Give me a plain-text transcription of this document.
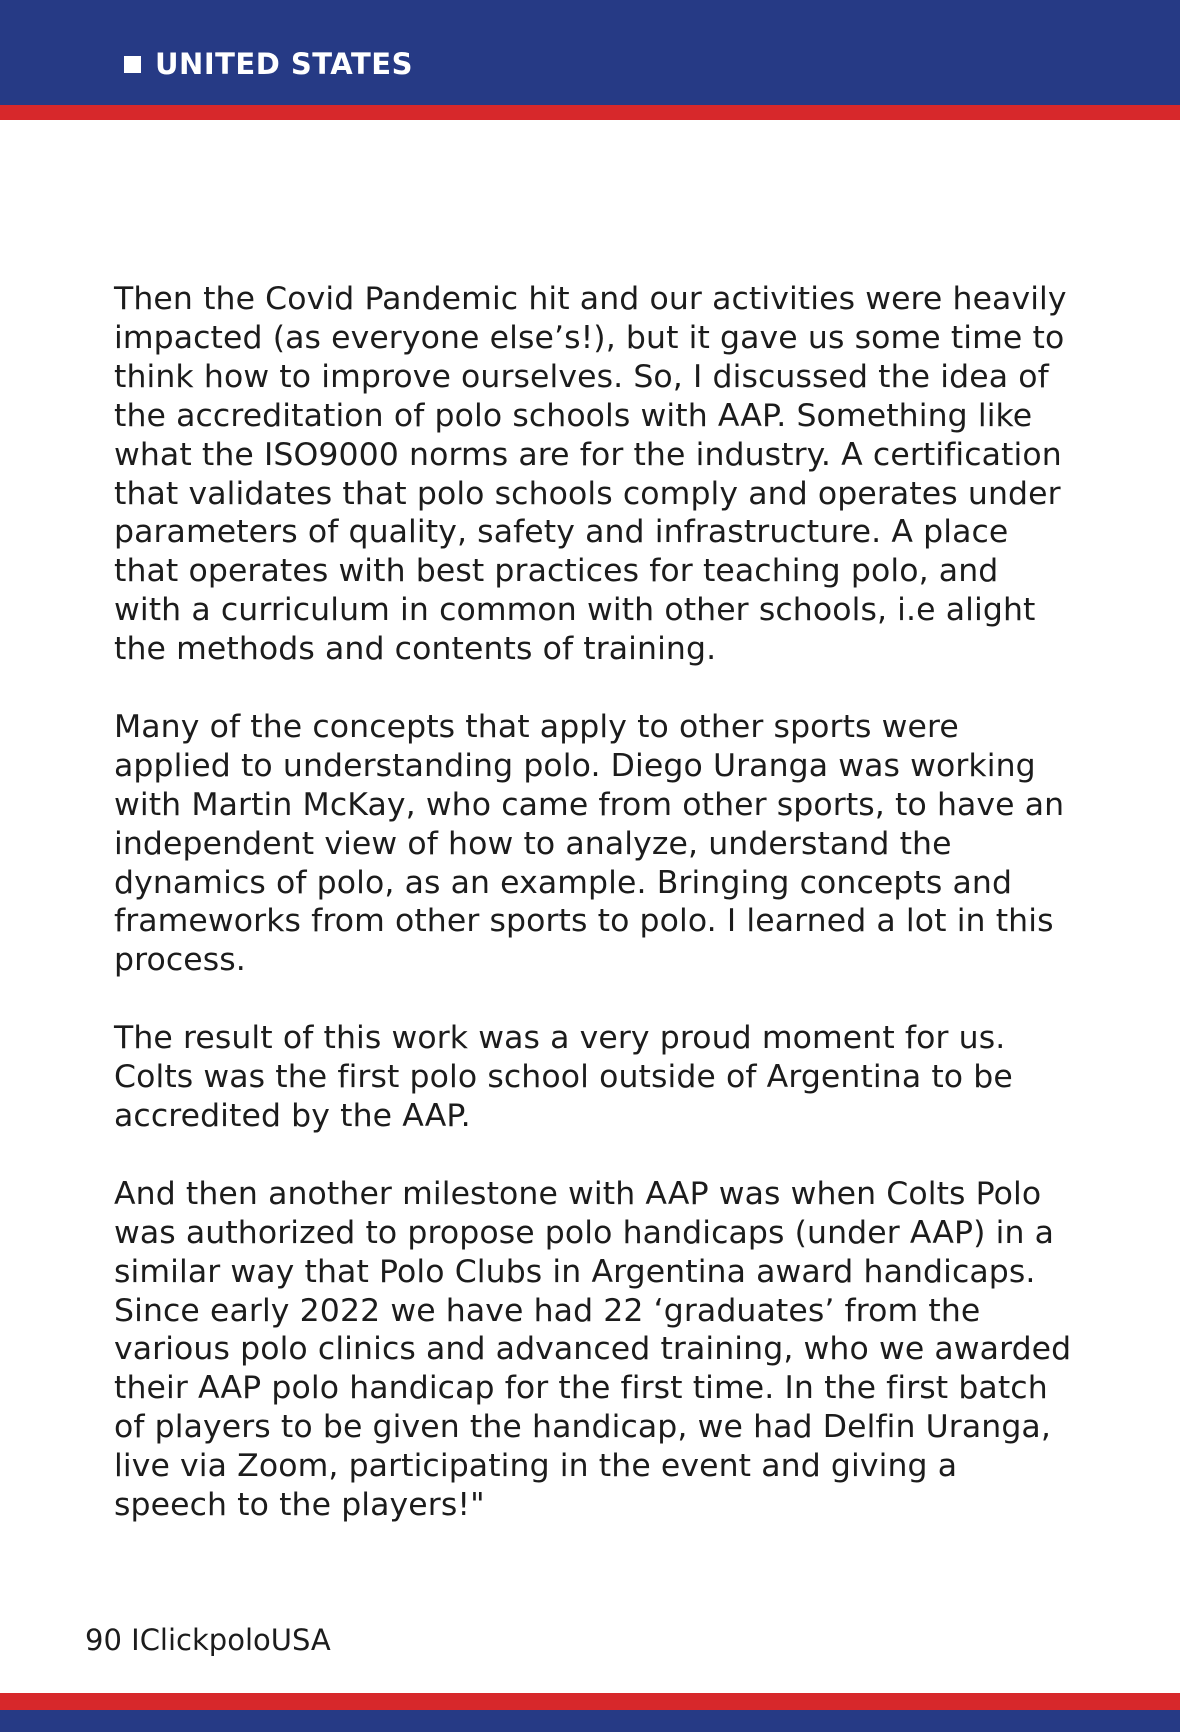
UNITED STATES

Then the Covid Pandemic hit and our activities were heavily impacted (as everyone else’s!), but it gave us some time to think how to improve ourselves. So, I discussed the idea of the accreditation of polo schools with AAP. Something like what the ISO9000 norms are for the industry. A certification that validates that polo schools comply and operates under parameters of quality, safety and infrastructure. A place that operates with best practices for teaching polo, and with a curriculum in common with other schools, i.e alight the methods and contents of training.

Many of the concepts that apply to other sports were applied to understanding polo. Diego Uranga was working with Martin McKay, who came from other sports, to have an independent view of how to analyze, understand the dynamics of polo, as an example. Bringing concepts and frameworks from other sports to polo. I learned a lot in this process.

The result of this work was a very proud moment for us. Colts was the first polo school outside of Argentina to be accredited by the AAP.

And then another milestone with AAP was when Colts Polo was authorized to propose polo handicaps (under AAP) in a similar way that Polo Clubs in Argentina award handicaps. Since early 2022 we have had 22 ‘graduates’ from the various polo clinics and advanced training, who we awarded their AAP polo handicap for the first time. In the first batch of players to be given the handicap, we had Delfin Uranga, live via Zoom, participating in the event and giving a speech to the players!"

90 IClickpoloUSA
